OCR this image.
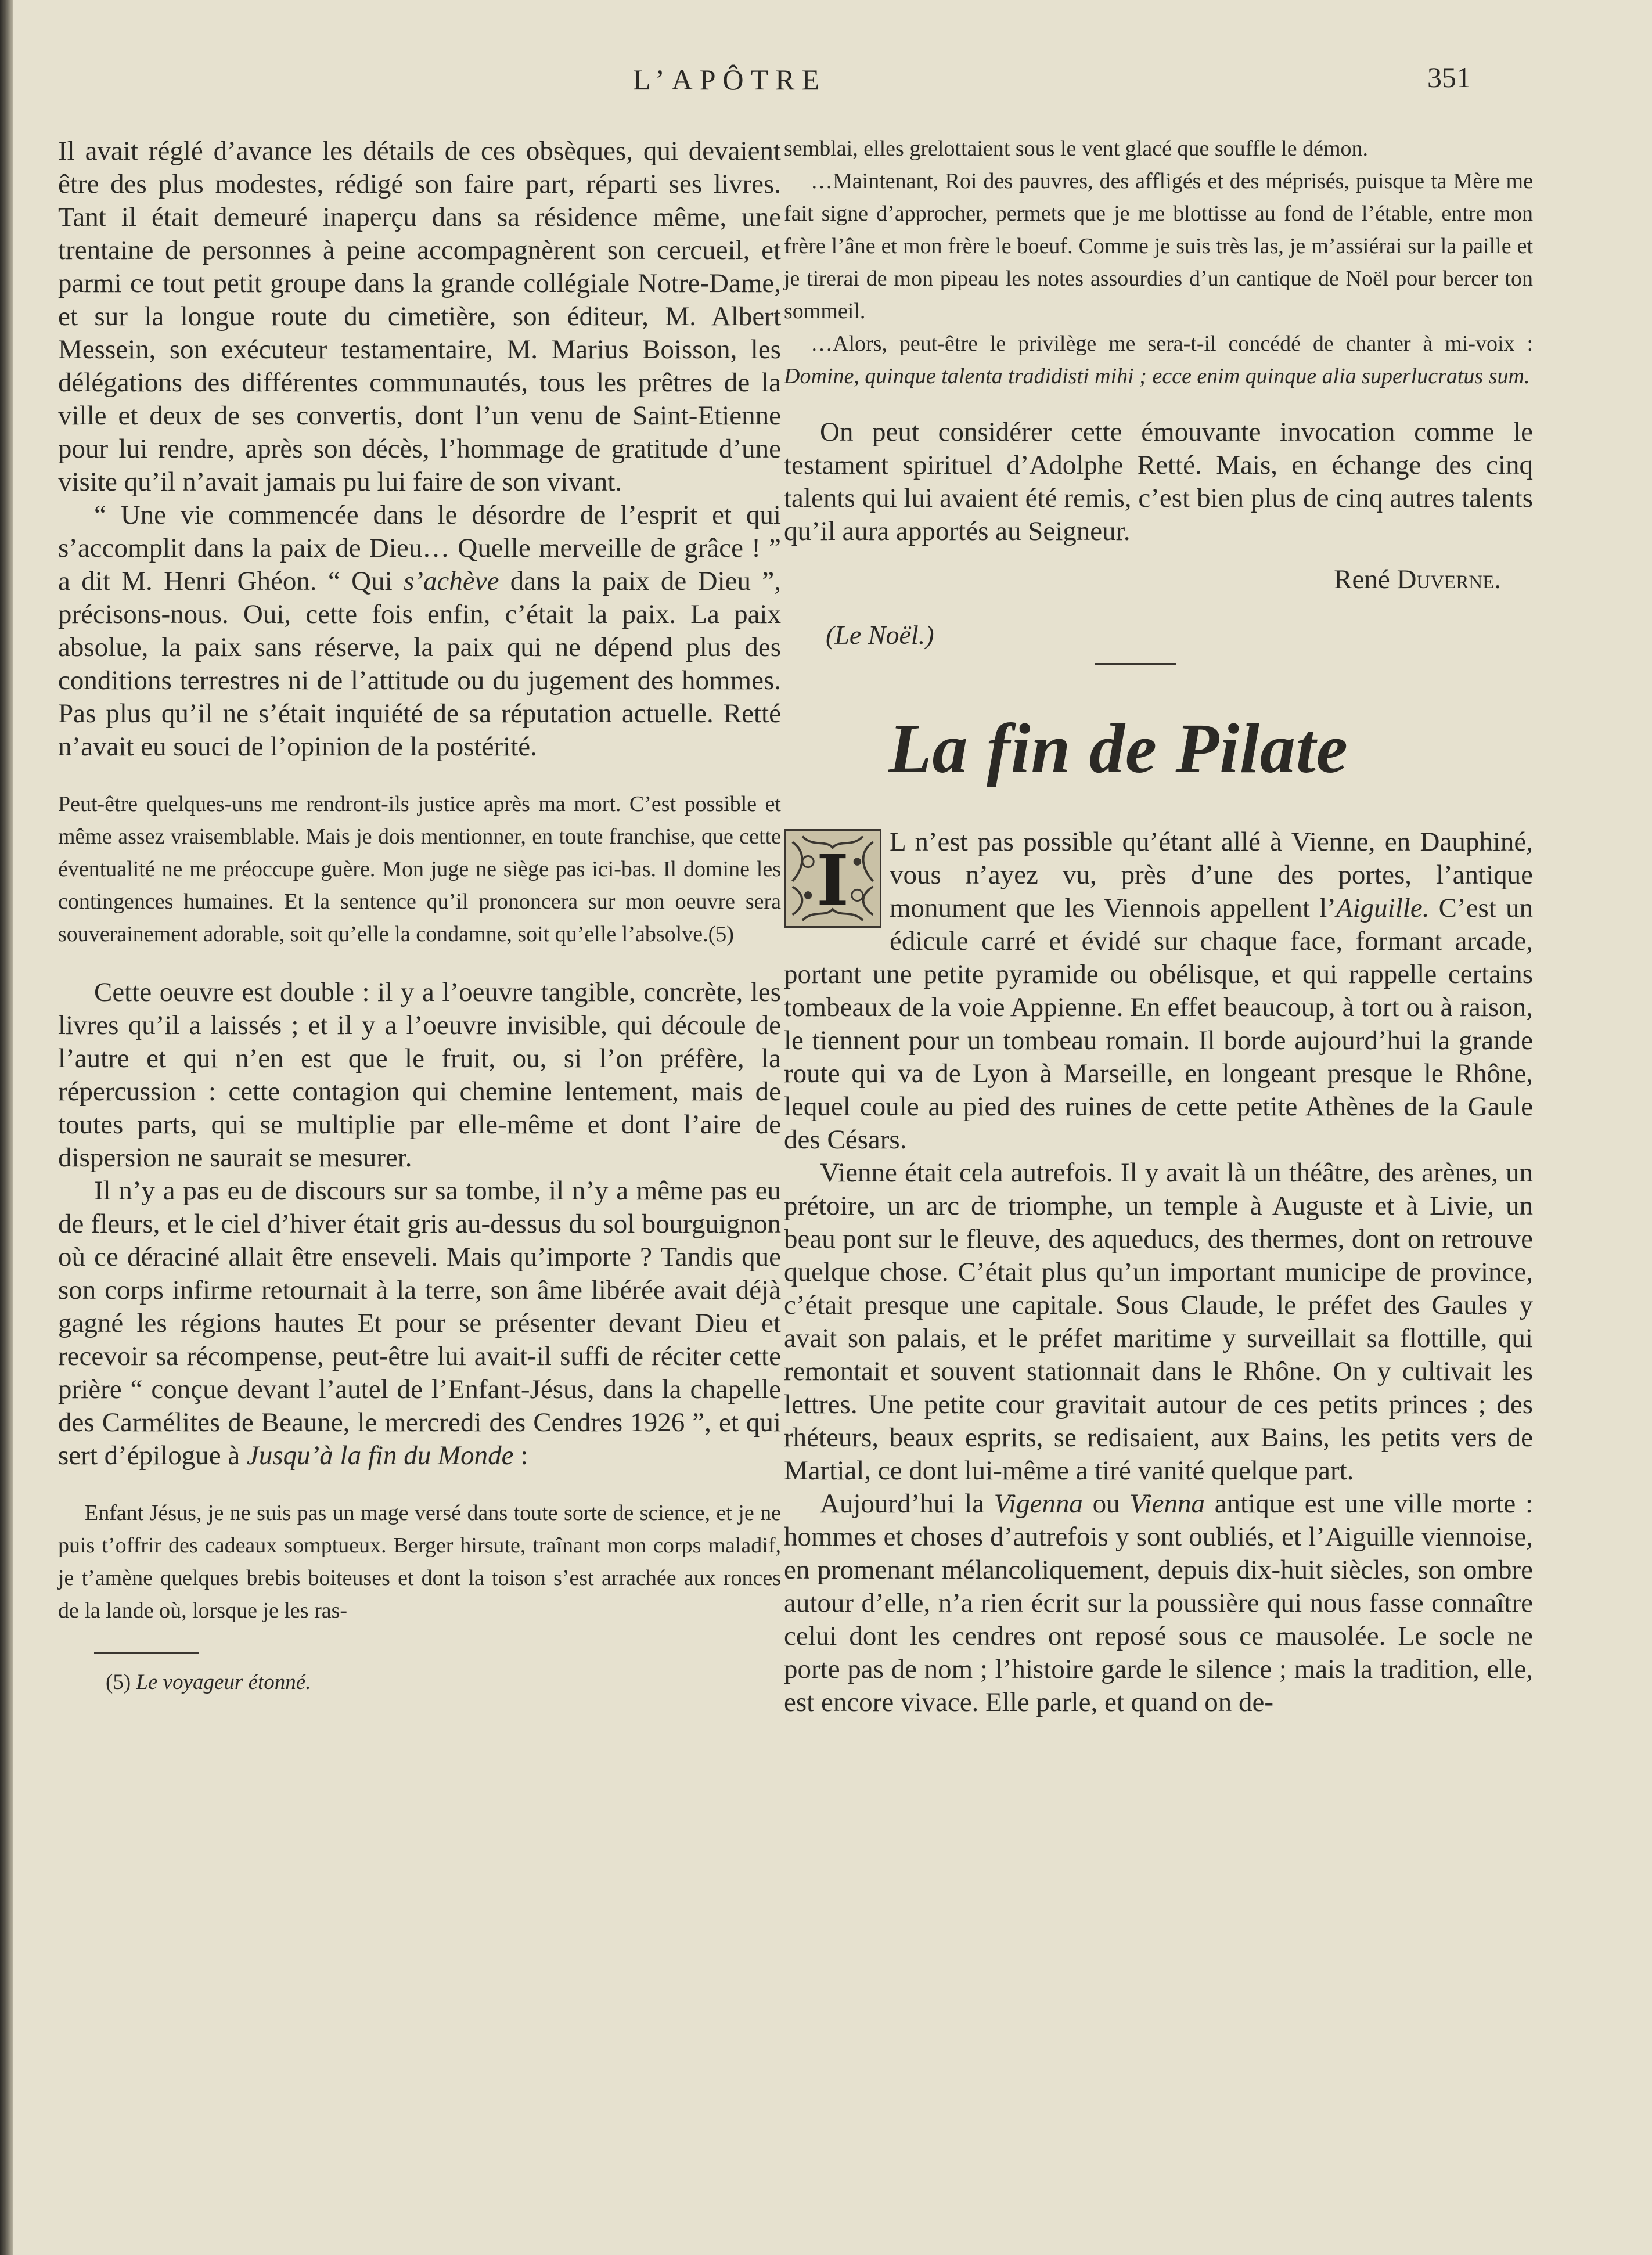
L’APÔTRE	351

Il avait réglé d’avance les détails de ces obsèques, qui devaient être des plus modestes, rédigé son faire part, réparti ses livres. Tant il était demeuré inaperçu dans sa résidence même, une trentaine de personnes à peine accompagnèrent son cercueil, et parmi ce tout petit groupe dans la grande collégiale Notre-Dame, et sur la longue route du cimetière, son éditeur, M. Albert Messein, son exécuteur testamentaire, M. Marius Boisson, les délégations des différentes communautés, tous les prêtres de la ville et deux de ses convertis, dont l’un venu de Saint-Etienne pour lui rendre, après son décès, l’hommage de gratitude d’une visite qu’il n’avait jamais pu lui faire de son vivant.

“ Une vie commencée dans le désordre de l’esprit et qui s’accomplit dans la paix de Dieu… Quelle merveille de grâce ! ” a dit M. Henri Ghéon. “ Qui s’achève dans la paix de Dieu ”, précisons-nous. Oui, cette fois enfin, c’était la paix. La paix absolue, la paix sans réserve, la paix qui ne dépend plus des conditions terrestres ni de l’attitude ou du jugement des hommes. Pas plus qu’il ne s’était inquiété de sa réputation actuelle. Retté n’avait eu souci de l’opinion de la postérité.

Peut-être quelques-uns me rendront-ils justice après ma mort. C’est possible et même assez vraisemblable. Mais je dois mentionner, en toute franchise, que cette éventualité ne me préoccupe guère. Mon juge ne siège pas ici-bas. Il domine les contingences humaines. Et la sentence qu’il prononcera sur mon oeuvre sera souverainement adorable, soit qu’elle la condamne, soit qu’elle l’absolve.(5)

Cette oeuvre est double : il y a l’oeuvre tangible, concrète, les livres qu’il a laissés ; et il y a l’oeuvre invisible, qui découle de l’autre et qui n’en est que le fruit, ou, si l’on préfère, la répercussion : cette contagion qui chemine lentement, mais de toutes parts, qui se multiplie par elle-même et dont l’aire de dispersion ne saurait se mesurer.

Il n’y a pas eu de discours sur sa tombe, il n’y a même pas eu de fleurs, et le ciel d’hiver était gris au-dessus du sol bourguignon où ce déraciné allait être enseveli. Mais qu’importe ? Tandis que son corps infirme retournait à la terre, son âme libérée avait déjà gagné les régions hautes Et pour se présenter devant Dieu et recevoir sa récompense, peut-être lui avait-il suffi de réciter cette prière “ conçue devant l’autel de l’Enfant-Jésus, dans la chapelle des Carmélites de Beaune, le mercredi des Cendres 1926 ”, et qui sert d’épilogue à Jusqu’à la fin du Monde :

Enfant Jésus, je ne suis pas un mage versé dans toute sorte de science, et je ne puis t’offrir des cadeaux somptueux. Berger hirsute, traînant mon corps maladif, je t’amène quelques brebis boiteuses et dont la toison s’est arrachée aux ronces de la lande où, lorsque je les ras-

(5) Le voyageur étonné.

semblai, elles grelottaient sous le vent glacé que souffle le démon.

…Maintenant, Roi des pauvres, des affligés et des méprisés, puisque ta Mère me fait signe d’approcher, permets que je me blottisse au fond de l’étable, entre mon frère l’âne et mon frère le boeuf. Comme je suis très las, je m’assiérai sur la paille et je tirerai de mon pipeau les notes assourdies d’un cantique de Noël pour bercer ton sommeil.

…Alors, peut-être le privilège me sera-t-il concédé de chanter à mi-voix : Domine, quinque talenta tradidisti mihi ; ecce enim quinque alia superlucratus sum.

On peut considérer cette émouvante invocation comme le testament spirituel d’Adolphe Retté. Mais, en échange des cinq talents qui lui avaient été remis, c’est bien plus de cinq autres talents qu’il aura apportés au Seigneur.

René Duverne.
(Le Noël.)
La fin de Pilate
I	L n’est pas possible qu’étant allé à Vienne, en Dauphiné, vous n’ayez vu, près d’une des portes, l’antique monument que les Viennois appellent l’Aiguille. C’est un édicule carré et évidé sur chaque face, formant arcade, portant une petite pyramide ou obélisque, et qui rappelle certains tombeaux de la voie Appienne. En effet beaucoup, à tort ou à raison, le tiennent pour un tombeau romain. Il borde aujourd’hui la grande route qui va de Lyon à Marseille, en longeant presque le Rhône, lequel coule au pied des ruines de cette petite Athènes de la Gaule des Césars.

Vienne était cela autrefois. Il y avait là un théâtre, des arènes, un prétoire, un arc de triomphe, un temple à Auguste et à Livie, un beau pont sur le fleuve, des aqueducs, des thermes, dont on retrouve quelque chose. C’était plus qu’un important municipe de province, c’était presque une capitale. Sous Claude, le préfet des Gaules y avait son palais, et le préfet maritime y surveillait sa flottille, qui remontait et souvent stationnait dans le Rhône. On y cultivait les lettres. Une petite cour gravitait autour de ces petits princes ; des rhéteurs, beaux esprits, se redisaient, aux Bains, les petits vers de Martial, ce dont lui-même a tiré vanité quelque part.

Aujourd’hui la Vigenna ou Vienna antique est une ville morte : hommes et choses d’autrefois y sont oubliés, et l’Aiguille viennoise, en promenant mélancoliquement, depuis dix-huit siècles, son ombre autour d’elle, n’a rien écrit sur la poussière qui nous fasse connaître celui dont les cendres ont reposé sous ce mausolée. Le socle ne porte pas de nom ; l’histoire garde le silence ; mais la tradition, elle, est encore vivace. Elle parle, et quand on de-
